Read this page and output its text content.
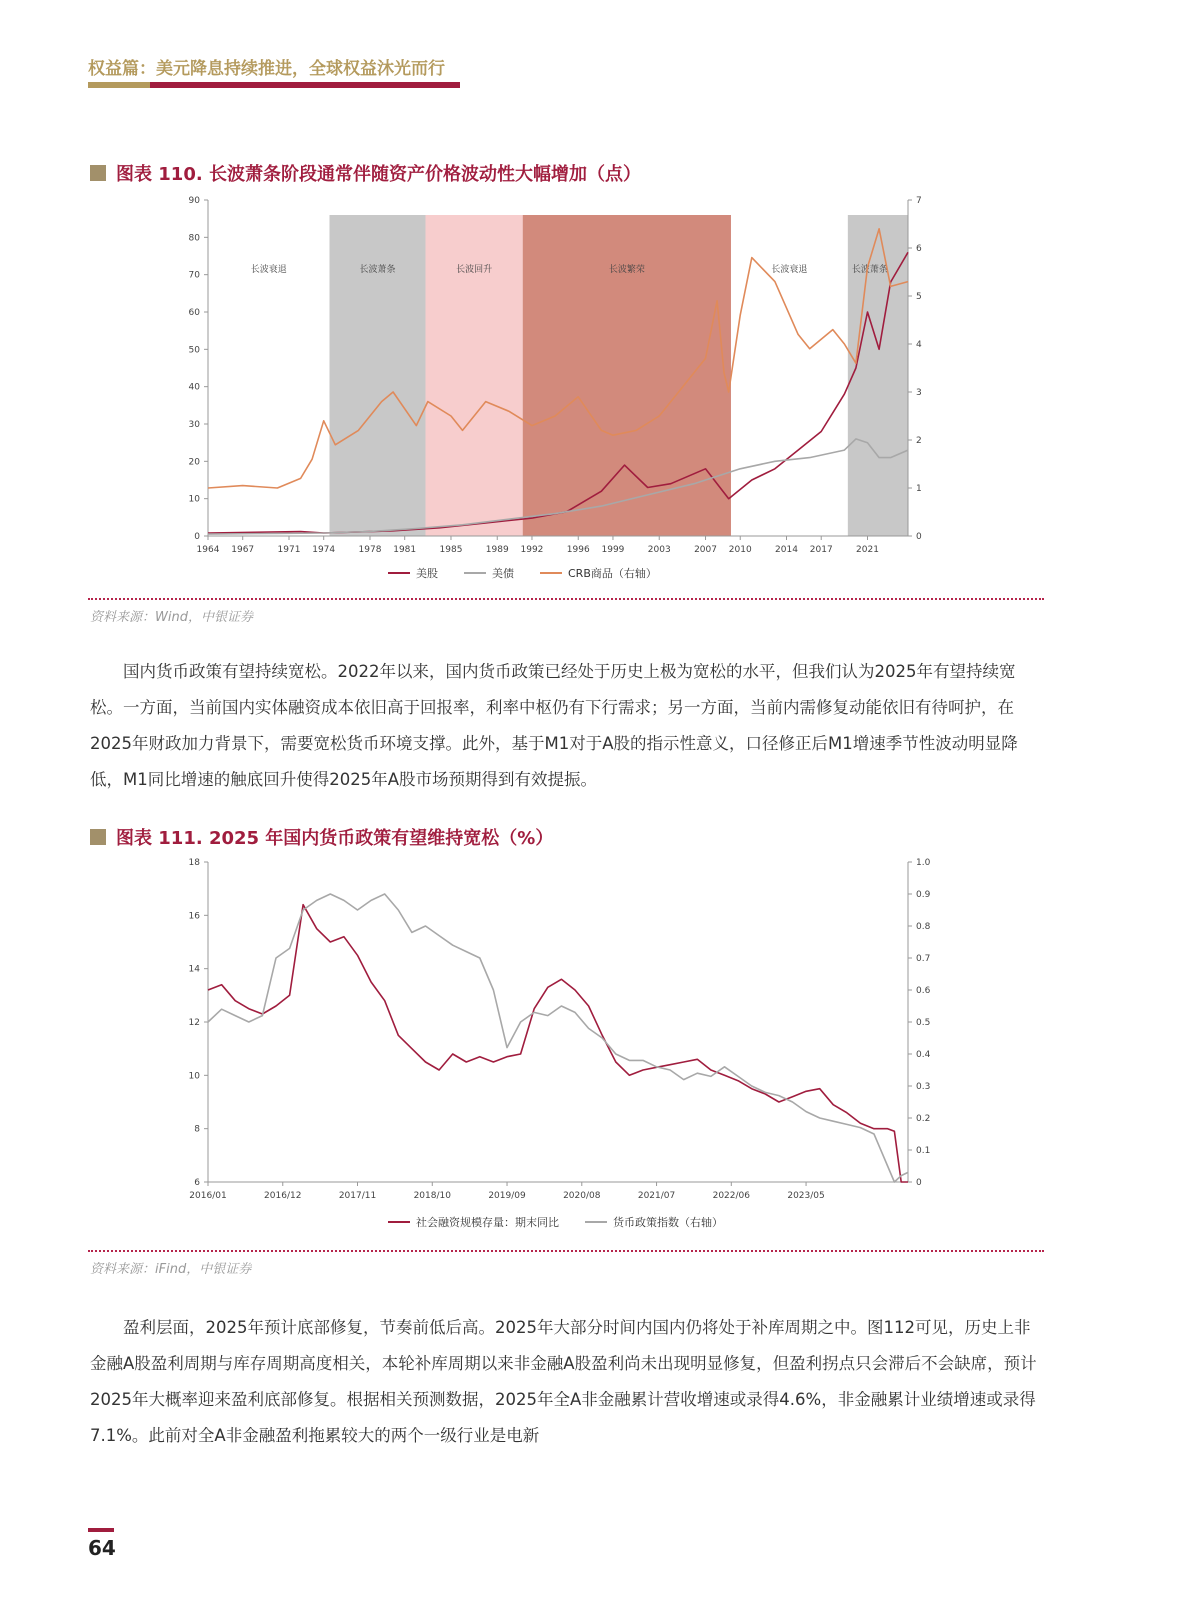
权益篇：美元降息持续推进，全球权益沐光而行
图表 110. 长波萧条阶段通常伴随资产价格波动性大幅增加（点）
长波衰退	长波萧条	长波回升	长波繁荣	长波衰退	长波萧条
0
10
20
30
40
50
60
70
80
90
0
1
2
3
4
5
6
7
1964 1967	1971 1974	1978 1981	1985	1989 1992	1996 1999	2003	2007 2010	2014 2017	2021
美股	美债	CRB商品（右轴）
资料来源：Wind，中银证券

国内货币政策有望持续宽松。2022年以来，国内货币政策已经处于历史上极为宽松的水平，但我们认为2025年有望持续宽松。一方面，当前国内实体融资成本依旧高于回报率，利率中枢仍有下行需求；另一方面，当前内需修复动能依旧有待呵护，在2025年财政加力背景下，需要宽松货币环境支撑。此外，基于M1对于A股的指示性意义，口径修正后M1增速季节性波动明显降低，M1同比增速的触底回升使得2025年A股市场预期得到有效提振。

图表 111. 2025 年国内货币政策有望维持宽松（%）
6
8
10
12
14
16
18
0
0.1
0.2
0.3
0.4
0.5
0.6
0.7
0.8
0.9
1.0
2016/01	2016/12	2017/11	2018/10	2019/09	2020/08	2021/07	2022/06	2023/05
社会融资规模存量：期末同比	货币政策指数（右轴）
资料来源：iFind，中银证券

盈利层面，2025年预计底部修复，节奏前低后高。2025年大部分时间内国内仍将处于补库周期之中。图112可见，历史上非金融A股盈利周期与库存周期高度相关，本轮补库周期以来非金融A股盈利尚未出现明显修复，但盈利拐点只会滞后不会缺席，预计2025年大概率迎来盈利底部修复。根据相关预测数据，2025年全A非金融累计营收增速或录得4.6%，非金融累计业绩增速或录得7.1%。此前对全A非金融盈利拖累较大的两个一级行业是电新

64
